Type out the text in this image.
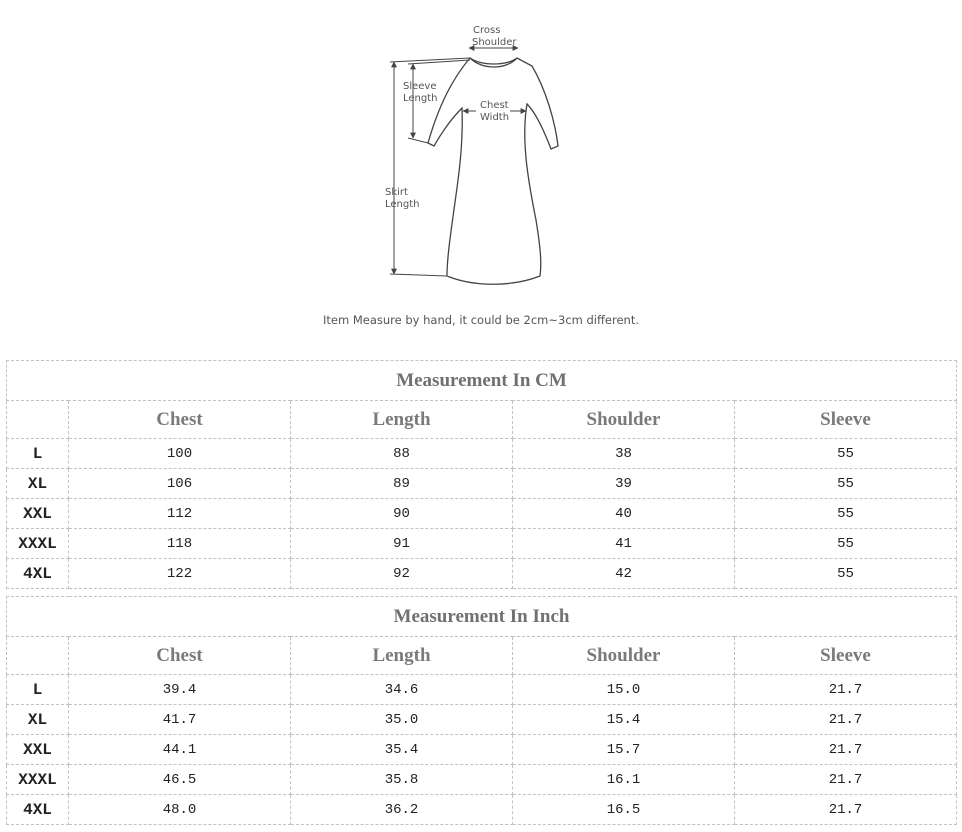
Cross
Shoulder
Sleeve
Length
Chest
Width
Skirt
Length
Item Measure by hand, it could be 2cm~3cm different.
Measurement In CM				
	Chest	Length	Shoulder	Sleeve
L	100	88	38	55
XL	106	89	39	55
XXL	112	90	40	55
XXXL	118	91	41	55
4XL	122	92	42	55
Measurement In Inch				
	Chest	Length	Shoulder	Sleeve
L	39.4	34.6	15.0	21.7
XL	41.7	35.0	15.4	21.7
XXL	44.1	35.4	15.7	21.7
XXXL	46.5	35.8	16.1	21.7
4XL	48.0	36.2	16.5	21.7
